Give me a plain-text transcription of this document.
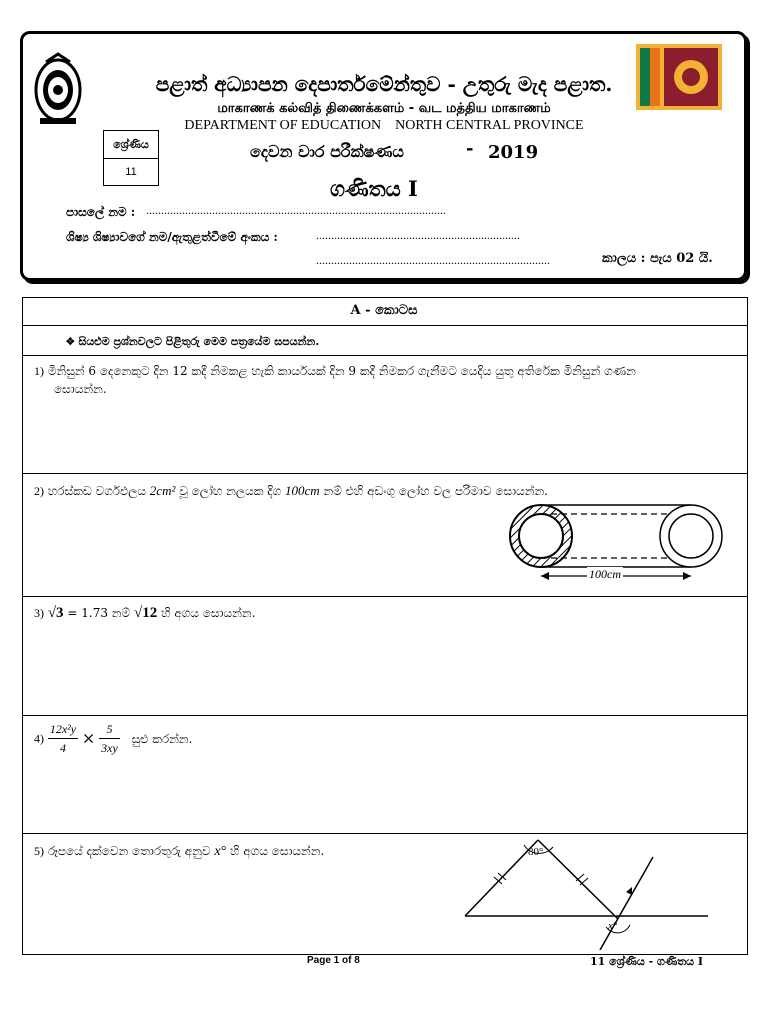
පළාත් අධ්‍යාපන දෙපාර්තමේන්තුව - උතුරු මැද පළාත.
மாகாணக் கல்வித் திணைக்களம் - வட மத்திய மாகாணம்
DEPARTMENT OF EDUCATION    NORTH CENTRAL PROVINCE
ශ්‍රේණිය
11
දෙවන වාර පරීක්ෂණය	- 2019
ගණිතය I
පාසලේ නම : ....................................................................................................
ශිෂ්‍ය ශිෂ්‍යාවගේ නම/ඇතුළත්වීමේ අංකය :	....................................................................
..............................................................................	කාලය : පැය 02 යි.
A - කොටස
❖ සියළුම ප්‍රශ්නවලට පිළිතුරු මෙම පත්‍රයේම සපයන්න.
1) මිනිසුන් 6 දෙනෙකුට දින 12 කදී නිමකළ හැකි කාර්යයක් දින 9 කදී නිමකර ගැනීමට යෙදිය යුතු අතිරේක මිනිසුන් ගණන
සොයන්න.
2) හරස්කඩ වර්ගඵලය 2cm² වූ ලෝහ නලයක දිග 100cm නම් එහි අඩංගු ලෝහ වල පරිමාව සොයන්න.
100cm
3) √3 = 1.73 නම් √12 හි අගය සොයන්න.
$4) \frac{\text{12x²y}}{4} \times \frac{5}{3xy}$ සුළු කරන්න.
5) රූපයේ දක්වෙන තොරතුරු අනුව x° හි අගය සොයන්න.	80°
x°
Page 1 of 8	11 ශ්‍රේණිය - ගණිතය I
